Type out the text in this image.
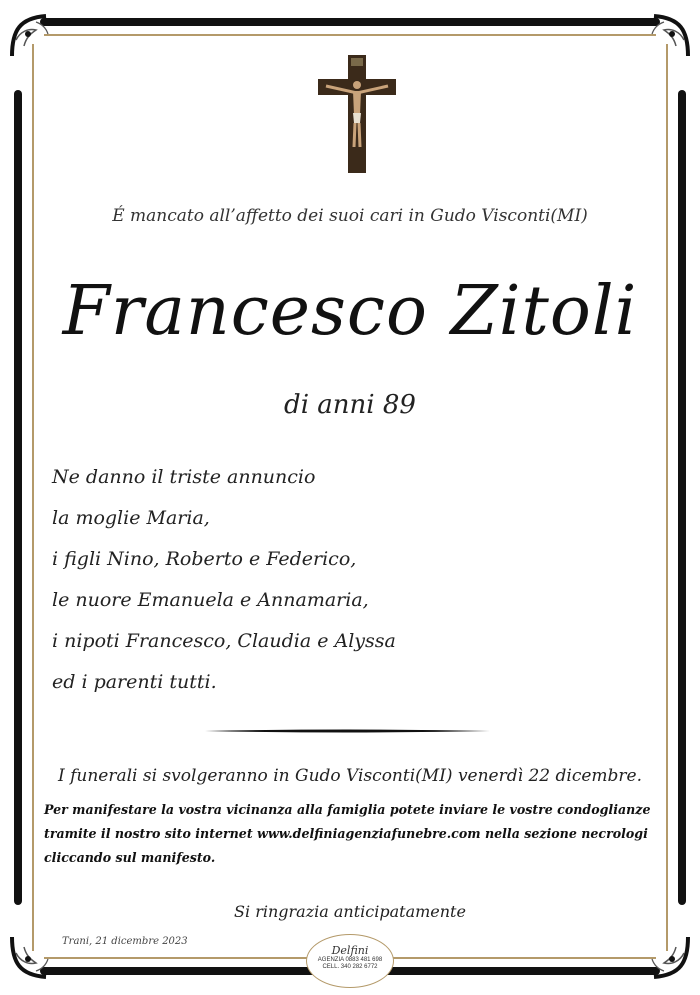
É mancato all’affetto dei suoi cari in Gudo Visconti(MI)
Francesco Zitoli
di anni 89
Ne danno il triste annuncio
la moglie Maria,
i figli Nino, Roberto e Federico,
le nuore Emanuela e Annamaria,
i nipoti Francesco, Claudia e Alyssa
ed i parenti tutti.
I funerali si svolgeranno in Gudo Visconti(MI) venerdì 22 dicembre.
Per manifestare la vostra vicinanza alla famiglia potete inviare le vostre condoglianze
tramite il nostro sito internet www.delfiniagenziafunebre.com nella sezione necrologi
cliccando sul manifesto.
Si ringrazia anticipatamente
Trani, 21 dicembre 2023
Delfini
AGENZIA 0883 481 698
CELL. 340 282 6772
